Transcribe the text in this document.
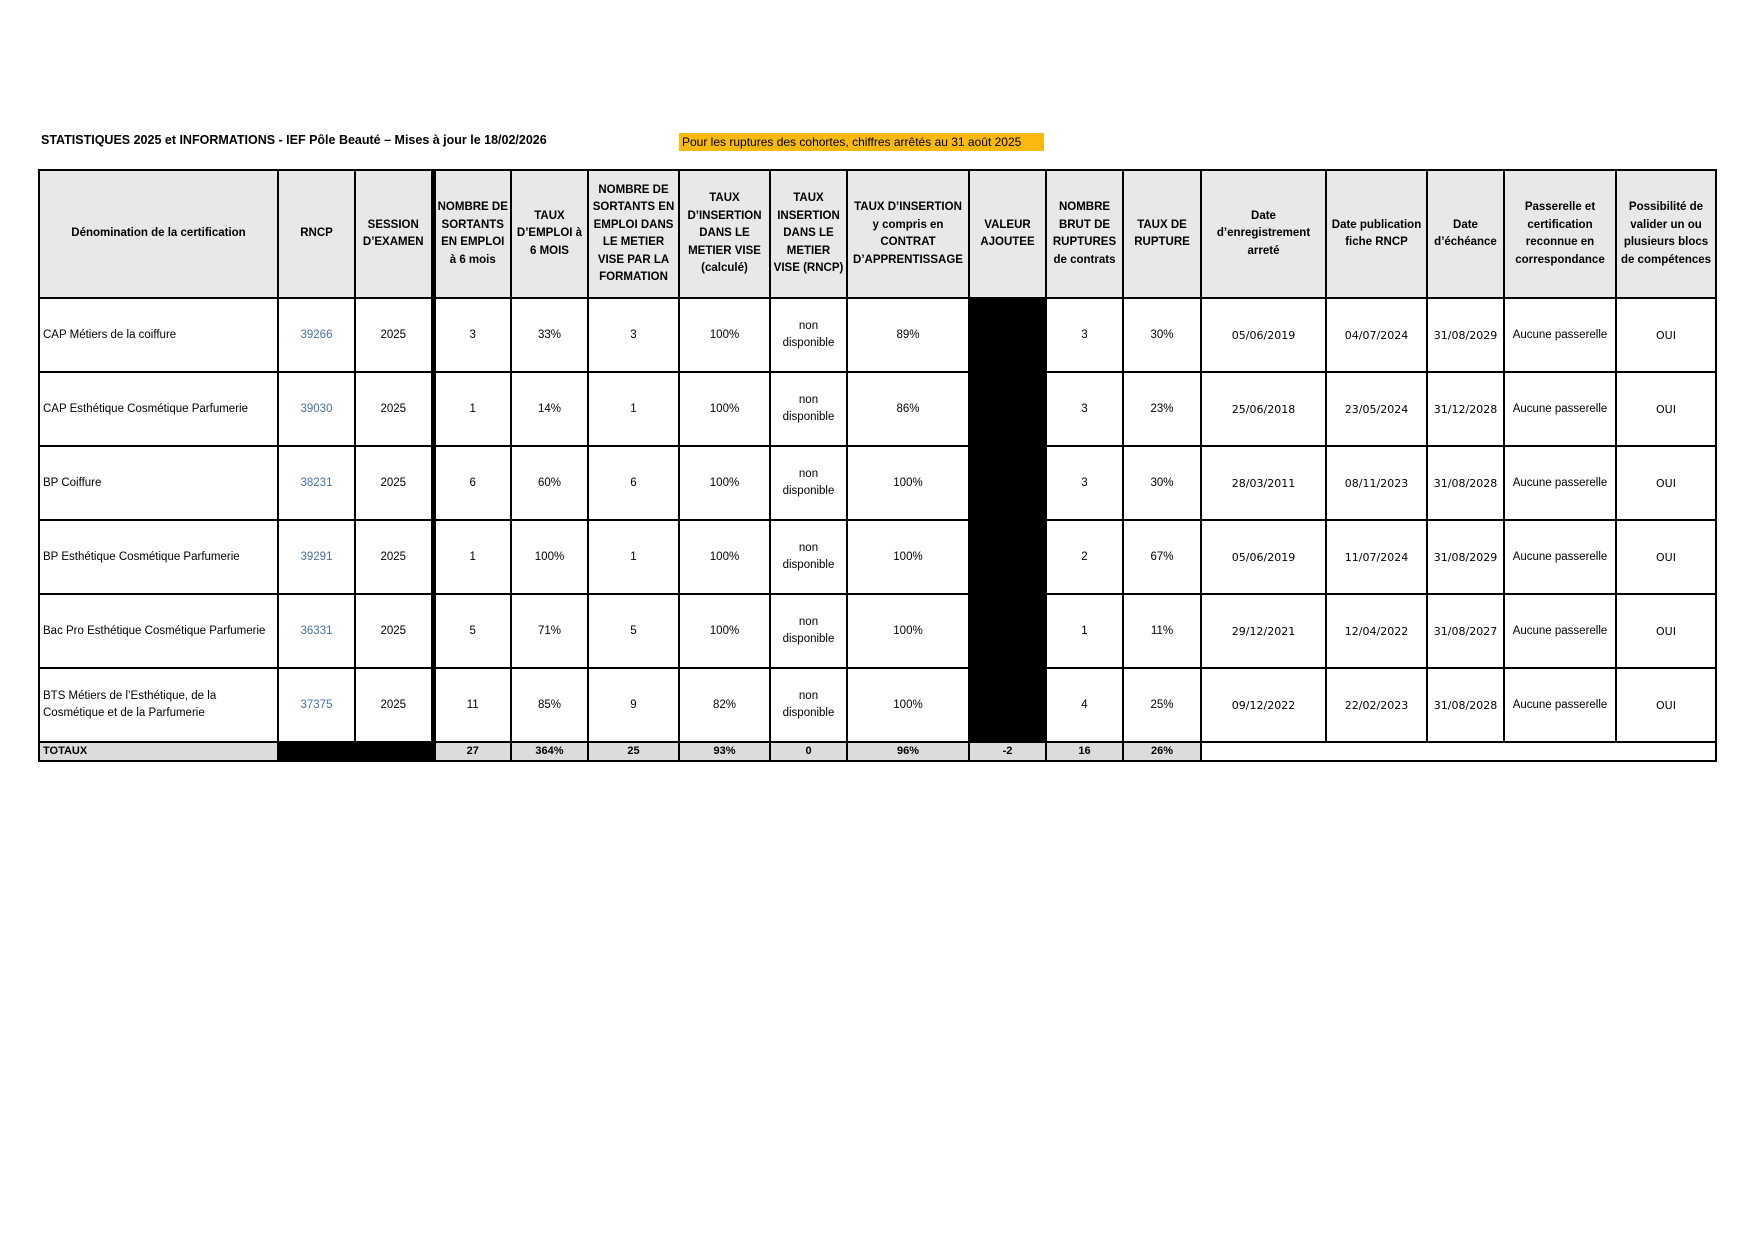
STATISTIQUES 2025 et INFORMATIONS - IEF Pôle Beauté – Mises à jour le 18/02/2026	Pour les ruptures des cohortes, chiffres arrêtés au 31 août 2025
Dénomination de la certification	RNCP	SESSION D’EXAMEN	NOMBRE DE SORTANTS EN EMPLOI à 6 mois	TAUX D’EMPLOI à 6 MOIS	NOMBRE DE SORTANTS EN EMPLOI DANS LE METIER VISE PAR LA FORMATION	TAUX D’INSERTION DANS LE METIER VISE (calculé)	TAUX INSERTION DANS LE METIER VISE (RNCP)	TAUX D’INSERTION y compris en CONTRAT D’APPRENTISSAGE	VALEUR AJOUTEE	NOMBRE BRUT DE RUPTURES de contrats	TAUX DE RUPTURE	Date d’enregistrement arreté	Date publication fiche RNCP	Date d’échéance	Passerelle et certification reconnue en correspondance	Possibilité de valider un ou plusieurs blocs de compétences
CAP Métiers de la coiffure	39266	2025	3	33%	3	100%	non disponible	89%		3	30%	05/06/2019	04/07/2024	31/08/2029	Aucune passerelle	OUI
CAP Esthétique Cosmétique Parfumerie	39030	2025	1	14%	1	100%	non disponible	86%		3	23%	25/06/2018	23/05/2024	31/12/2028	Aucune passerelle	OUI
BP Coiffure	38231	2025	6	60%	6	100%	non disponible	100%		3	30%	28/03/2011	08/11/2023	31/08/2028	Aucune passerelle	OUI
BP Esthétique Cosmétique Parfumerie	39291	2025	1	100%	1	100%	non disponible	100%		2	67%	05/06/2019	11/07/2024	31/08/2029	Aucune passerelle	OUI
Bac Pro Esthétique Cosmétique Parfumerie	36331	2025	5	71%	5	100%	non disponible	100%		1	11%	29/12/2021	12/04/2022	31/08/2027	Aucune passerelle	OUI
BTS Métiers de l’Esthétique, de la Cosmétique et de la Parfumerie	37375	2025	11	85%	9	82%	non disponible	100%		4	25%	09/12/2022	22/02/2023	31/08/2028	Aucune passerelle	OUI
TOTAUX			27	364%	25	93%	0	96%	-2	16	26%					
